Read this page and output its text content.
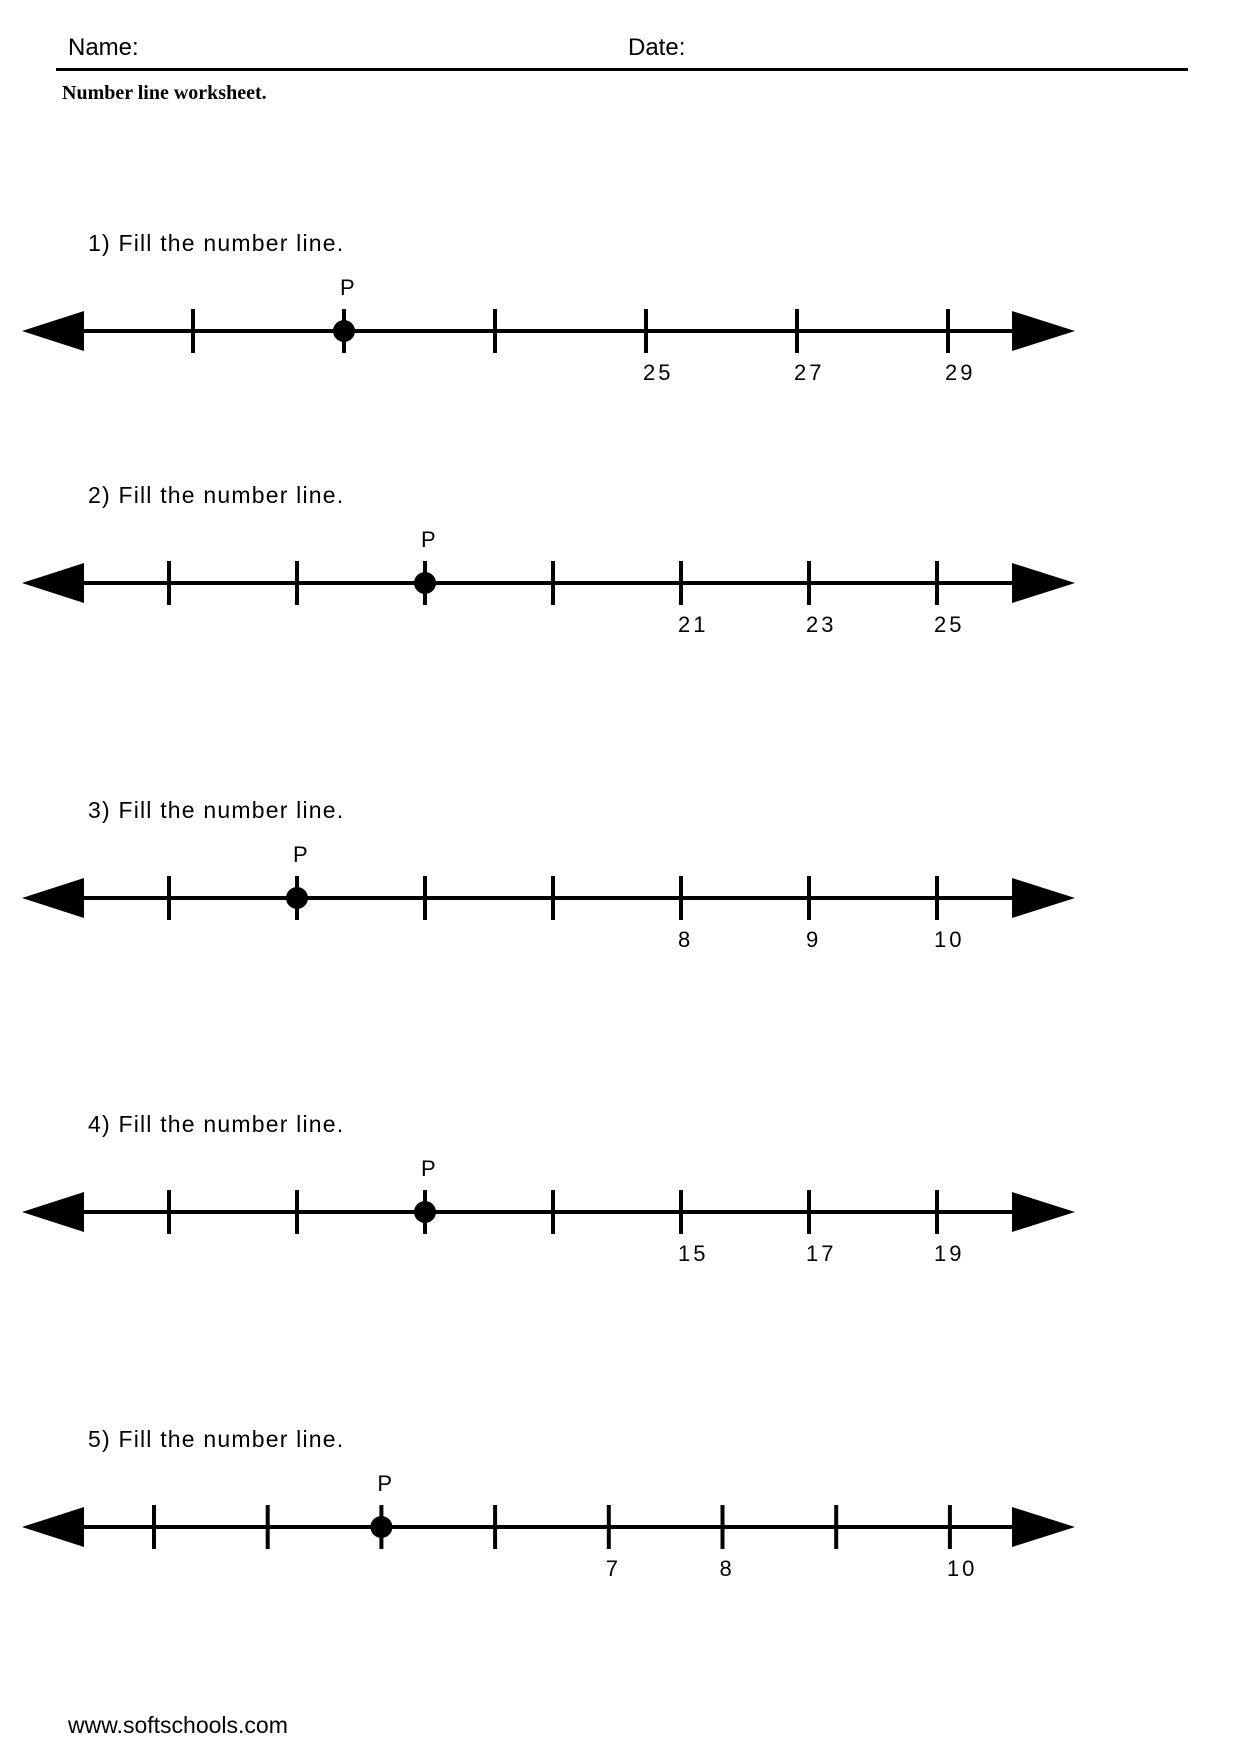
Name:	Date:
Number line worksheet.
1) Fill the number line.
P
25	27	29
2) Fill the number line.
P
21	23	25
3) Fill the number line.
P
8	9	10
4) Fill the number line.
P
15	17	19
5) Fill the number line.
P
7	8	10
www.softschools.com
